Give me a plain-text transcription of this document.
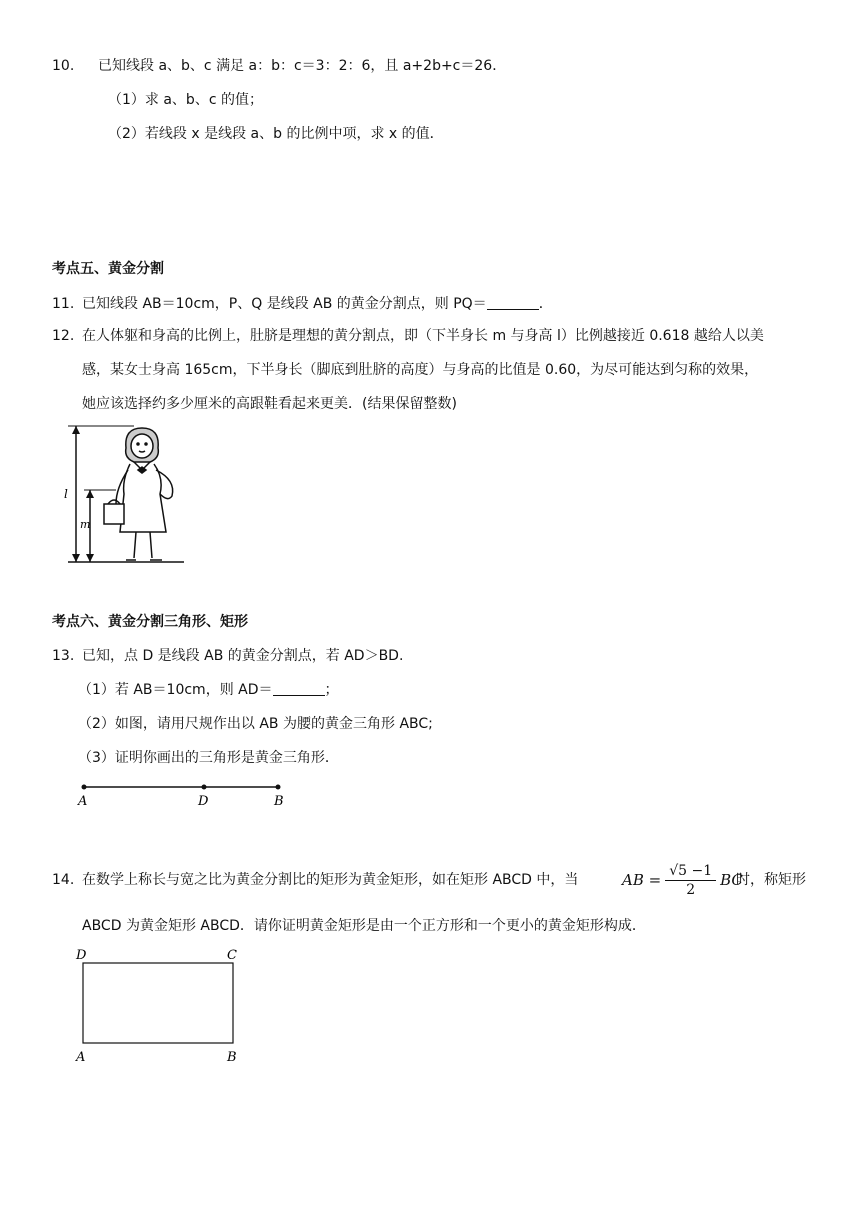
10. 已知线段 a、b、c 满足 a：b：c＝3：2：6，且 a+2b+c＝26．
（1）求 a、b、c 的值；
（2）若线段 x 是线段 a、b 的比例中项，求 x 的值．
考点五、黄金分割
11. 已知线段 AB＝10cm，P、Q 是线段 AB 的黄金分割点，则 PQ＝	．
12. 在人体躯和身高的比例上，肚脐是理想的黄分割点，即（下半身长 m 与身高 l）比例越接近 0.618 越给人以美
感，某女士身高 165cm，下半身长（脚底到肚脐的高度）与身高的比值是 0.60，为尽可能达到匀称的效果，
她应该选择约多少厘米的高跟鞋看起来更美．(结果保留整数)
l
m
考点六、黄金分割三角形、矩形
13. 已知，点 D 是线段 AB 的黄金分割点，若 AD＞BD.
（1）若 AB＝10cm，则 AD＝	；
（2）如图，请用尺规作出以 AB 为腰的黄金三角形 ABC;
（3）证明你画出的三角形是黄金三角形．
A	D	B
14. 在数学上称长与宽之比为黄金分割比的矩形为黄金矩形，如在矩形 ABCD 中，当	AB = $\frac{√5 -1}{2}$ BC
时，称矩形
ABCD 为黄金矩形 ABCD．请你证明黄金矩形是由一个正方形和一个更小的黄金矩形构成．
D	C
A	B
